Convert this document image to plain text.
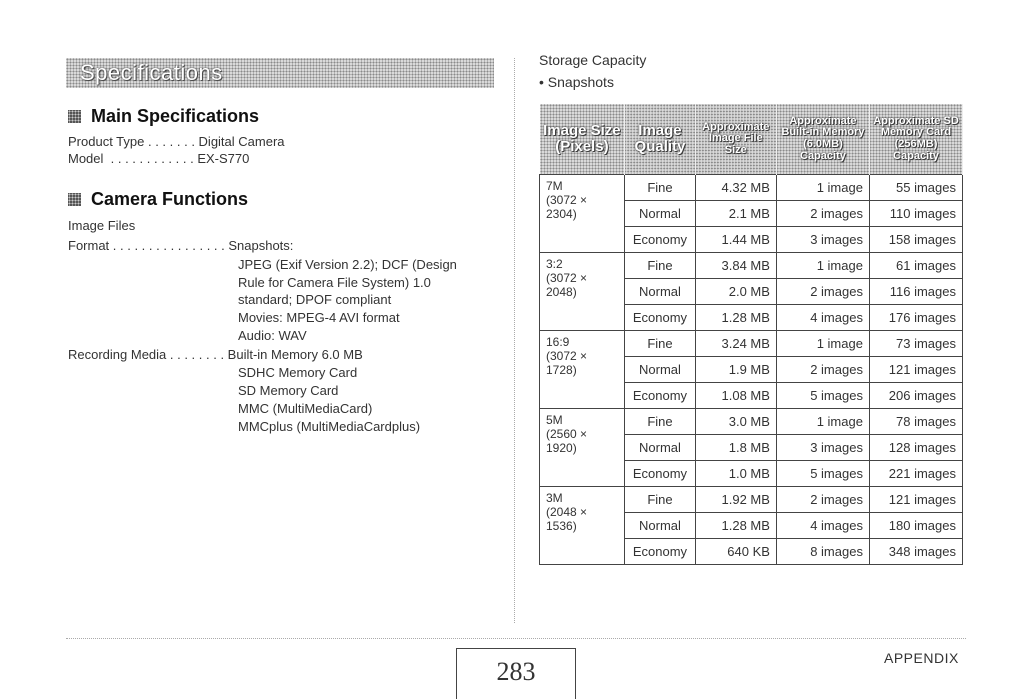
Specifications
Main Specifications
Product Type . . . . . . . Digital Camera
Model  . . . . . . . . . . . . EX-S770
Camera Functions
Image Files
Format . . . . . . . . . . . . . . . . Snapshots:
JPEG (Exif Version 2.2); DCF (Design
Rule for Camera File System) 1.0
standard; DPOF compliant
Movies: MPEG-4 AVI format
Audio: WAV
Recording Media . . . . . . . . Built-in Memory 6.0 MB
SDHC Memory Card
SD Memory Card
MMC (MultiMediaCard)
MMCplus (MultiMediaCardplus)
Storage Capacity
• Snapshots
Image Size (Pixels)	Image Quality	Approximate Image File Size	Approximate Built-in Memory (6.0MB) Capacity	Approximate SD Memory Card (256MB) Capacity

7M
(3072 ×
2304)	Fine	4.32 MB	1 image	55 images
	Normal	2.1 MB	2 images	110 images
	Economy	1.44 MB	3 images	158 images

3:2
(3072 ×
2048)	Fine	3.84 MB	1 image	61 images
	Normal	2.0 MB	2 images	116 images
	Economy	1.28 MB	4 images	176 images

16:9
(3072 ×
1728)	Fine	3.24 MB	1 image	73 images
	Normal	1.9 MB	2 images	121 images
	Economy	1.08 MB	5 images	206 images

5M
(2560 ×
1920)	Fine	3.0 MB	1 image	78 images
	Normal	1.8 MB	3 images	128 images
	Economy	1.0 MB	5 images	221 images

3M
(2048 ×
1536)	Fine	1.92 MB	2 images	121 images
	Normal	1.28 MB	4 images	180 images
	Economy	640 KB	8 images	348 images
283	APPENDIX
